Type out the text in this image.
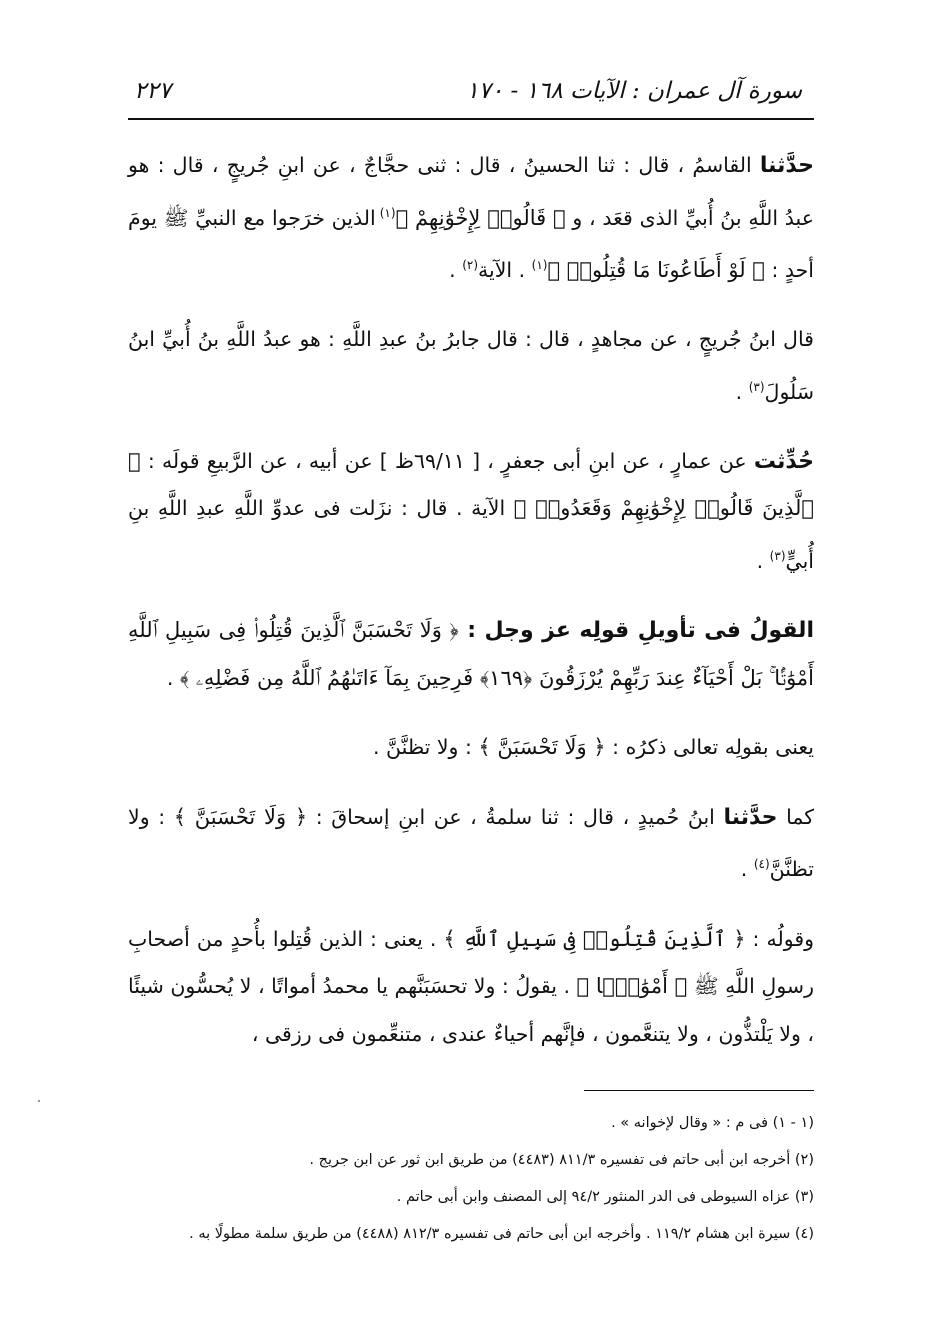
سورة آل عمران : الآيات ١٦٨ - ١٧٠
٢٢٧

حدَّثنا القاسمُ ، قال : ثنا الحسينُ ، قال : ثنى حجَّاجٌ ، عن ابنِ جُريجٍ ، قال : هو عبدُ اللَّهِ بنُ أُبيِّ الذى قعَد ، و ﴿ قَالُوا۟ لِإِخْوَٰنِهِمْ ﴾$^{(١)}$ الذين خرَجوا مع النبيِّ ﷺ يومَ أحدٍ : ﴿ لَوْ أَطَاعُونَا مَا قُتِلُوا۟ ﴾$^{(١)}$ . الآية$^{(٢)}$ .

قال ابنُ جُريجٍ ، عن مجاهدٍ ، قال : قال جابرُ بنُ عبدِ اللَّهِ : هو عبدُ اللَّهِ بنُ أُبيِّ ابنُ سَلُولَ$^{(٣)}$ .

حُدِّثت عن عمارٍ ، عن ابنِ أبى جعفرٍ ، [ ٦٩/١١ظ ] عن أبيه ، عن الرَّبيعِ قولَه : ﴿ ٱلَّذِينَ قَالُوا۟ لِإِخْوَٰنِهِمْ وَقَعَدُوا۟ ﴾ الآية . قال : نزَلت فى عدوِّ اللَّهِ عبدِ اللَّهِ بنِ أُبيٍّ$^{(٣)}$ .

القولُ فى تأويلِ قولِه عز وجل : ﴿ وَلَا تَحْسَبَنَّ ٱلَّذِينَ قُتِلُوا۟ فِى سَبِيلِ ٱللَّهِ أَمْوَٰتًۢا ۚ بَلْ أَحْيَآءٌ عِندَ رَبِّهِمْ يُرْزَقُونَ ﴿١٦٩﴾ فَرِحِينَ بِمَآ ءَاتَىٰهُمُ ٱللَّهُ مِن فَضْلِهِۦ ﴾ .

يعنى بقولِه تعالى ذكرُه : ﴿ وَلَا تَحْسَبَنَّ ﴾ : ولا تظنَّنَّ .

كما حدَّثنا ابنُ حُميدٍ ، قال : ثنا سلمةُ ، عن ابنِ إسحاقَ : ﴿ وَلَا تَحْسَبَنَّ ﴾ : ولا تظنَّنَّ$^{(٤)}$ .

وقولُه : ﴿ ٱلَّذِينَ قُتِلُوا۟ فِى سَبِيلِ ٱللَّهِ ﴾ . يعنى : الذين قُتِلوا بأُحدٍ من أصحابِ رسولِ اللَّهِ ﷺ ﴿ أَمْوَٰتًۢا ﴾ . يقولُ : ولا تحسَبَنَّهم يا محمدُ أمواتًا ، لا يُحسُّون شيئًا ، ولا يَلْتذُّون ، ولا يتنعَّمون ، فإنَّهم أحياءٌ عندى ، متنعِّمون فى رزقى ،

(١ - ١) فى م : « وقال لإخوانه » .
(٢) أخرجه ابن أبى حاتم فى تفسيره ٨١١/٣ (٤٤٨٣) من طريق ابن ثور عن ابن جريج .
(٣) عزاه السيوطى فى الدر المنثور ٩٤/٢ إلى المصنف وابن أبى حاتم .
(٤) سيرة ابن هشام ١١٩/٢ . وأخرجه ابن أبى حاتم فى تفسيره ٨١٢/٣ (٤٤٨٨) من طريق سلمة مطولًا به .
